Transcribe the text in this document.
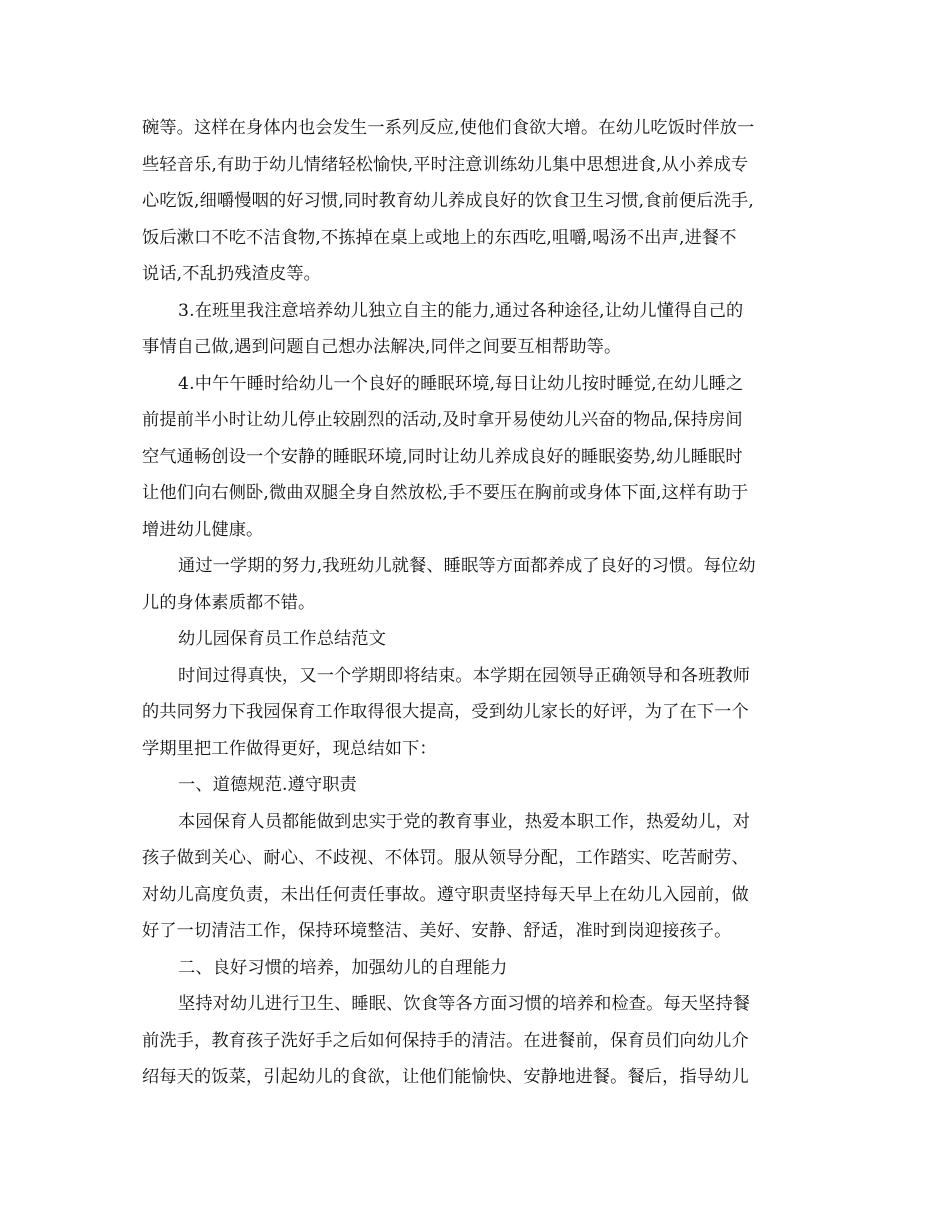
碗等。这样在身体内也会发生一系列反应,使他们食欲大增。在幼儿吃饭时伴放一
些轻音乐,有助于幼儿情绪轻松愉快,平时注意训练幼儿集中思想进食,从小养成专
心吃饭,细嚼慢咽的好习惯,同时教育幼儿养成良好的饮食卫生习惯,食前便后洗手,
饭后漱口不吃不洁食物,不拣掉在桌上或地上的东西吃,咀嚼,喝汤不出声,进餐不
说话,不乱扔残渣皮等。
3.在班里我注意培养幼儿独立自主的能力,通过各种途径,让幼儿懂得自己的
事情自己做,遇到问题自己想办法解决,同伴之间要互相帮助等。
4.中午午睡时给幼儿一个良好的睡眠环境,每日让幼儿按时睡觉,在幼儿睡之
前提前半小时让幼儿停止较剧烈的活动,及时拿开易使幼儿兴奋的物品,保持房间
空气通畅创设一个安静的睡眠环境,同时让幼儿养成良好的睡眠姿势,幼儿睡眠时
让他们向右侧卧,微曲双腿全身自然放松,手不要压在胸前或身体下面,这样有助于
增进幼儿健康。
通过一学期的努力,我班幼儿就餐、睡眠等方面都养成了良好的习惯。每位幼
儿的身体素质都不错。
幼儿园保育员工作总结范文
时间过得真快，又一个学期即将结束。本学期在园领导正确领导和各班教师
的共同努力下我园保育工作取得很大提高，受到幼儿家长的好评，为了在下一个
学期里把工作做得更好，现总结如下：
一、道德规范.遵守职责
本园保育人员都能做到忠实于党的教育事业，热爱本职工作，热爱幼儿，对
孩子做到关心、耐心、不歧视、不体罚。服从领导分配，工作踏实、吃苦耐劳、
对幼儿高度负责，未出任何责任事故。遵守职责坚持每天早上在幼儿入园前，做
好了一切清洁工作，保持环境整洁、美好、安静、舒适，准时到岗迎接孩子。
二、良好习惯的培养，加强幼儿的自理能力
坚持对幼儿进行卫生、睡眠、饮食等各方面习惯的培养和检查。每天坚持餐
前洗手，教育孩子洗好手之后如何保持手的清洁。在进餐前，保育员们向幼儿介
绍每天的饭菜，引起幼儿的食欲，让他们能愉快、安静地进餐。餐后，指导幼儿
